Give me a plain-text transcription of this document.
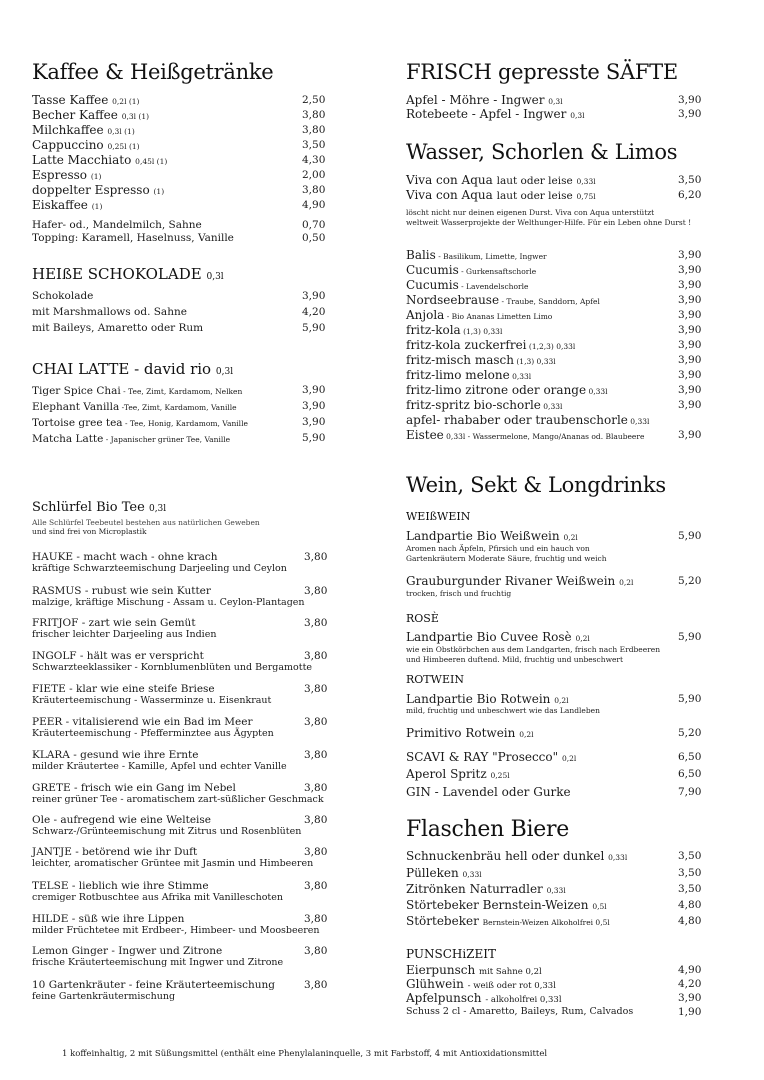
Kaffee & Heißgetränke
Tasse Kaffee 0,2l (1)	2,50
Becher Kaffee 0,3l (1)	3,80
Milchkaffee 0,3l (1)	3,80
Cappuccino 0,25l (1)	3,50
Latte Macchiato 0,45l (1)	4,30
Espresso (1)	2,00
doppelter Espresso (1)	3,80
Eiskaffee (1)	4,90
Hafer- od., Mandelmilch, Sahne	0,70
Topping: Karamell, Haselnuss, Vanille	0,50
HEIßE SCHOKOLADE 0,3l
Schokolade	3,90
mit Marshmallows od. Sahne	4,20
mit Baileys, Amaretto oder Rum	5,90
CHAI LATTE - david rio 0,3l
Tiger Spice Chai - Tee, Zimt, Kardamom, Nelken	3,90
Elephant Vanilla -Tee, Zimt, Kardamom, Vanille	3,90
Tortoise gree tea - Tee, Honig, Kardamom, Vanille	3,90
Matcha Latte - Japanischer grüner Tee, Vanille	5,90
Schlürfel Bio Tee 0,3l
Alle Schlürfel Teebeutel bestehen aus natürlichen Geweben
und sind frei von Microplastik
HAUKE - macht wach - ohne krach	3,80
kräftige Schwarzteemischung Darjeeling und Ceylon
RASMUS - rubust wie sein Kutter	3,80
malzige, kräftige Mischung - Assam u. Ceylon-Plantagen
FRITJOF - zart wie sein Gemüt	3,80
frischer leichter Darjeeling aus Indien
INGOLF - hält was er verspricht	3,80
Schwarzteeklassiker - Kornblumenblüten und Bergamotte
FIETE - klar wie eine steife Briese	3,80
Kräuterteemischung - Wasserminze u. Eisenkraut
PEER - vitalisierend wie ein Bad im Meer	3,80
Kräuterteemischung - Pfefferminztee aus Ägypten
KLARA - gesund wie ihre Ernte	3,80
milder Kräutertee - Kamille, Apfel und echter Vanille
GRETE - frisch wie ein Gang im Nebel	3,80
reiner grüner Tee - aromatischem zart-süßlicher Geschmack
Ole - aufregend wie eine Welteise	3,80
Schwarz-/Grünteemischung mit Zitrus und Rosenblüten
JANTJE - betörend wie ihr Duft	3,80
leichter, aromatischer Grüntee mit Jasmin und Himbeeren
TELSE - lieblich wie ihre Stimme	3,80
cremiger Rotbuschtee aus Afrika mit Vanilleschoten
HILDE - süß wie ihre Lippen	3,80
milder Früchtetee mit Erdbeer-, Himbeer- und Moosbeeren
Lemon Ginger - Ingwer und Zitrone	3,80
frische Kräuterteemischung mit Ingwer und Zitrone
10 Gartenkräuter - feine Kräuterteemischung	3,80
feine Gartenkräutermischung
FRISCH gepresste SÄFTE
Apfel - Möhre - Ingwer 0,3l	3,90
Rotebeete - Apfel - Ingwer 0,3l	3,90
Wasser, Schorlen & Limos
Viva con Aqua laut oder leise 0,33l	3,50
Viva con Aqua laut oder leise 0,75l	6,20
löscht nicht nur deinen eigenen Durst. Viva con Aqua unterstützt
weltweit Wasserprojekte der Welthunger-Hilfe. Für ein Leben ohne Durst !
Balis - Basilikum, Limette, Ingwer	3,90
Cucumis - Gurkensaftschorle	3,90
Cucumis - Lavendelschorle	3,90
Nordseebrause - Traube, Sanddorn, Apfel	3,90
Anjola - Bio Ananas Limetten Limo	3,90
fritz-kola (1,3) 0,33l	3,90
fritz-kola zuckerfrei (1,2,3) 0,33l	3,90
fritz-misch masch (1,3) 0,33l	3,90
fritz-limo melone 0,33l	3,90
fritz-limo zitrone oder orange 0,33l	3,90
fritz-spritz bio-schorle 0,33l	3,90
apfel- rhababer oder traubenschorle 0,33l
Eistee 0,33l - Wassermelone, Mango/Ananas od. Blaubeere	3,90
Wein, Sekt & Longdrinks
WEIßWEIN
Landpartie Bio Weißwein 0,2l	5,90
Aromen nach Äpfeln, Pfirsich und ein hauch von
Gartenkräutern Moderate Säure, fruchtig und weich
Grauburgunder Rivaner Weißwein 0,2l	5,20
trocken, frisch und fruchtig
ROSÈ
Landpartie Bio Cuvee Rosè 0,2l	5,90
wie ein Obstkörbchen aus dem Landgarten, frisch nach Erdbeeren
und Himbeeren duftend. Mild, fruchtig und unbeschwert
ROTWEIN
Landpartie Bio Rotwein 0,2l	5,90
mild, fruchtig und unbeschwert wie das Landleben
Primitivo Rotwein 0,2l	5,20
SCAVI & RAY "Prosecco" 0,2l	6,50
Aperol Spritz 0,25l	6,50
GIN - Lavendel oder Gurke	7,90
Flaschen Biere
Schnuckenbräu hell oder dunkel 0,33l	3,50
Pülleken 0,33l	3,50
Zitrönken Naturradler 0,33l	3,50
Störtebeker Bernstein-Weizen 0,5l	4,80
Störtebeker Bernstein-Weizen Alkoholfrei 0,5l	4,80
PUNSCHiZEIT
Eierpunsch mit Sahne 0,2l	4,90
Glühwein - weiß oder rot 0,33l	4,20
Apfelpunsch - alkoholfrei 0,33l	3,90
Schuss 2 cl - Amaretto, Baileys, Rum, Calvados	1,90
1 koffeinhaltig, 2 mit Süßungsmittel (enthält eine Phenylalaninquelle, 3 mit Farbstoff, 4 mit Antioxidationsmittel
